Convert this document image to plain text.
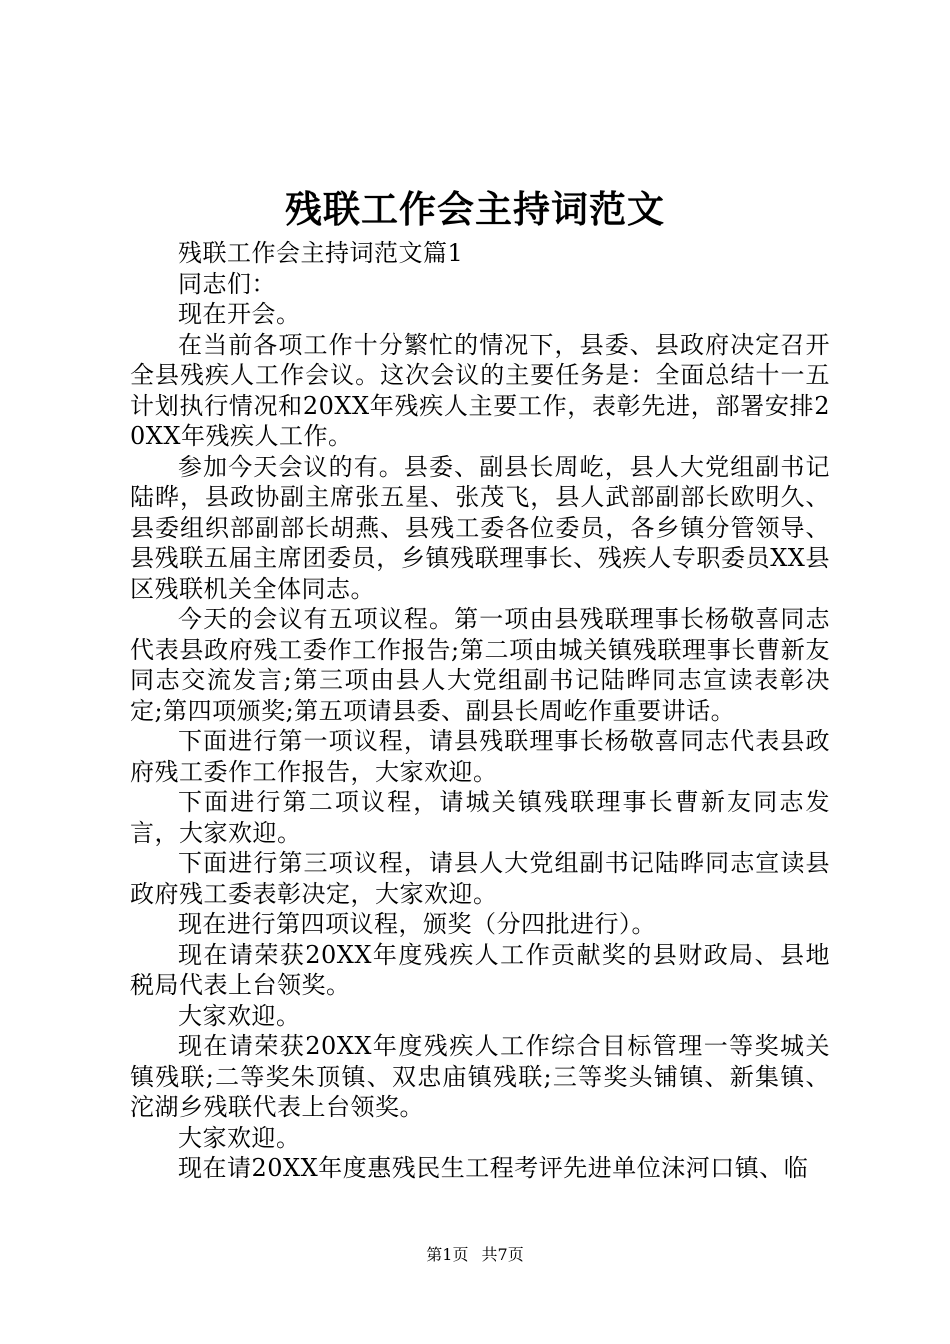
残联工作会主持词范文

残联工作会主持词范文篇1

同志们：

现在开会。

在当前各项工作十分繁忙的情况下，县委、县政府决定召开全县残疾人工作会议。这次会议的主要任务是：全面总结十一五计划执行情况和20XX年残疾人主要工作，表彰先进，部署安排20XX年残疾人工作。

参加今天会议的有。县委、副县长周屹，县人大党组副书记陆晔，县政协副主席张五星、张茂飞，县人武部副部长欧明久、县委组织部副部长胡燕、县残工委各位委员，各乡镇分管领导、县残联五届主席团委员，乡镇残联理事长、残疾人专职委员XX县区残联机关全体同志。

今天的会议有五项议程。第一项由县残联理事长杨敬喜同志代表县政府残工委作工作报告;第二项由城关镇残联理事长曹新友同志交流发言;第三项由县人大党组副书记陆晔同志宣读表彰决定;第四项颁奖;第五项请县委、副县长周屹作重要讲话。

下面进行第一项议程，请县残联理事长杨敬喜同志代表县政府残工委作工作报告，大家欢迎。

下面进行第二项议程，请城关镇残联理事长曹新友同志发言，大家欢迎。

下面进行第三项议程，请县人大党组副书记陆晔同志宣读县政府残工委表彰决定，大家欢迎。

现在进行第四项议程，颁奖（分四批进行）。

现在请荣获20XX年度残疾人工作贡献奖的县财政局、县地税局代表上台领奖。

大家欢迎。

现在请荣获20XX年度残疾人工作综合目标管理一等奖城关镇残联;二等奖朱顶镇、双忠庙镇残联;三等奖头铺镇、新集镇、沱湖乡残联代表上台领奖。

大家欢迎。

现在请20XX年度惠残民生工程考评先进单位沫河口镇、临

第1页 共7页
